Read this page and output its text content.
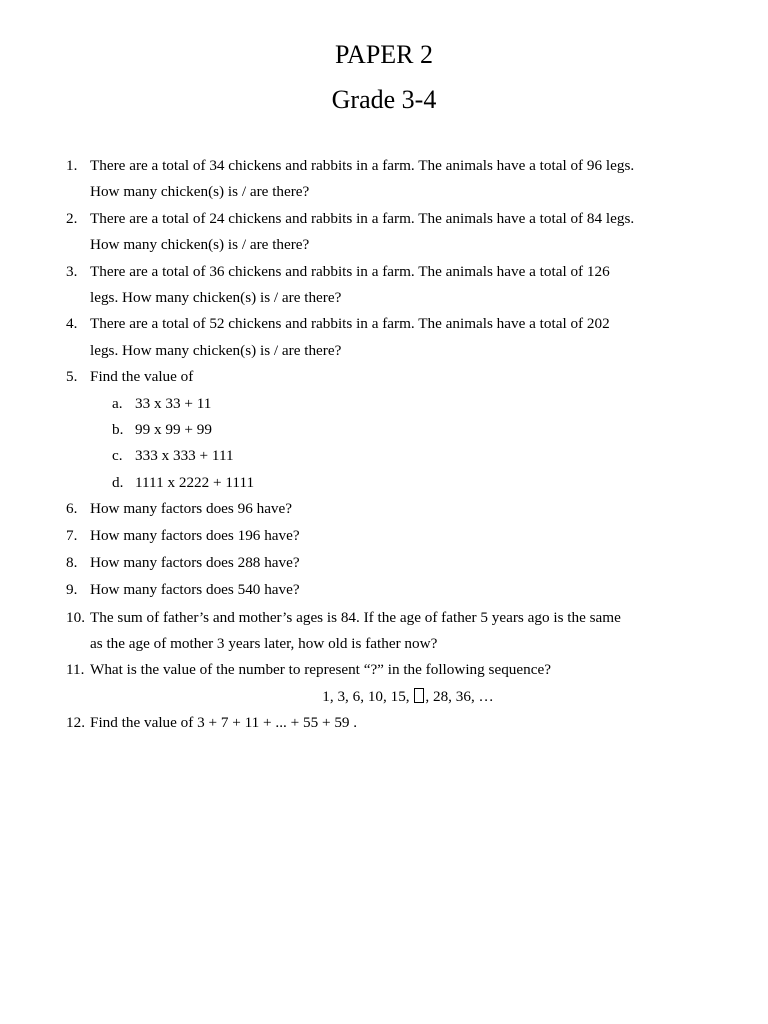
PAPER 2
Grade 3-4
1. There are a total of 34 chickens and rabbits in a farm. The animals have a total of 96 legs.
How many chicken(s) is / are there?
2. There are a total of 24 chickens and rabbits in a farm. The animals have a total of 84 legs.
How many chicken(s) is / are there?
3. There are a total of 36 chickens and rabbits in a farm. The animals have a total of 126
legs. How many chicken(s) is / are there?
4. There are a total of 52 chickens and rabbits in a farm. The animals have a total of 202
legs. How many chicken(s) is / are there?
5. Find the value of
a. 33 x 33 + 11
b. 99 x 99 + 99
c. 333 x 333 + 111
d. 1111 x 2222 + 1111
6. How many factors does 96 have?
7. How many factors does 196 have?
8. How many factors does 288 have?
9. How many factors does 540 have?
10. The sum of father’s and mother’s ages is 84. If the age of father 5 years ago is the same
as the age of mother 3 years later, how old is father now?
11. What is the value of the number to represent “?” in the following sequence?
1, 3, 6, 10, 15, , 28, 36, …
12. Find the value of 3 + 7 + 11 + ... + 55 + 59 .
